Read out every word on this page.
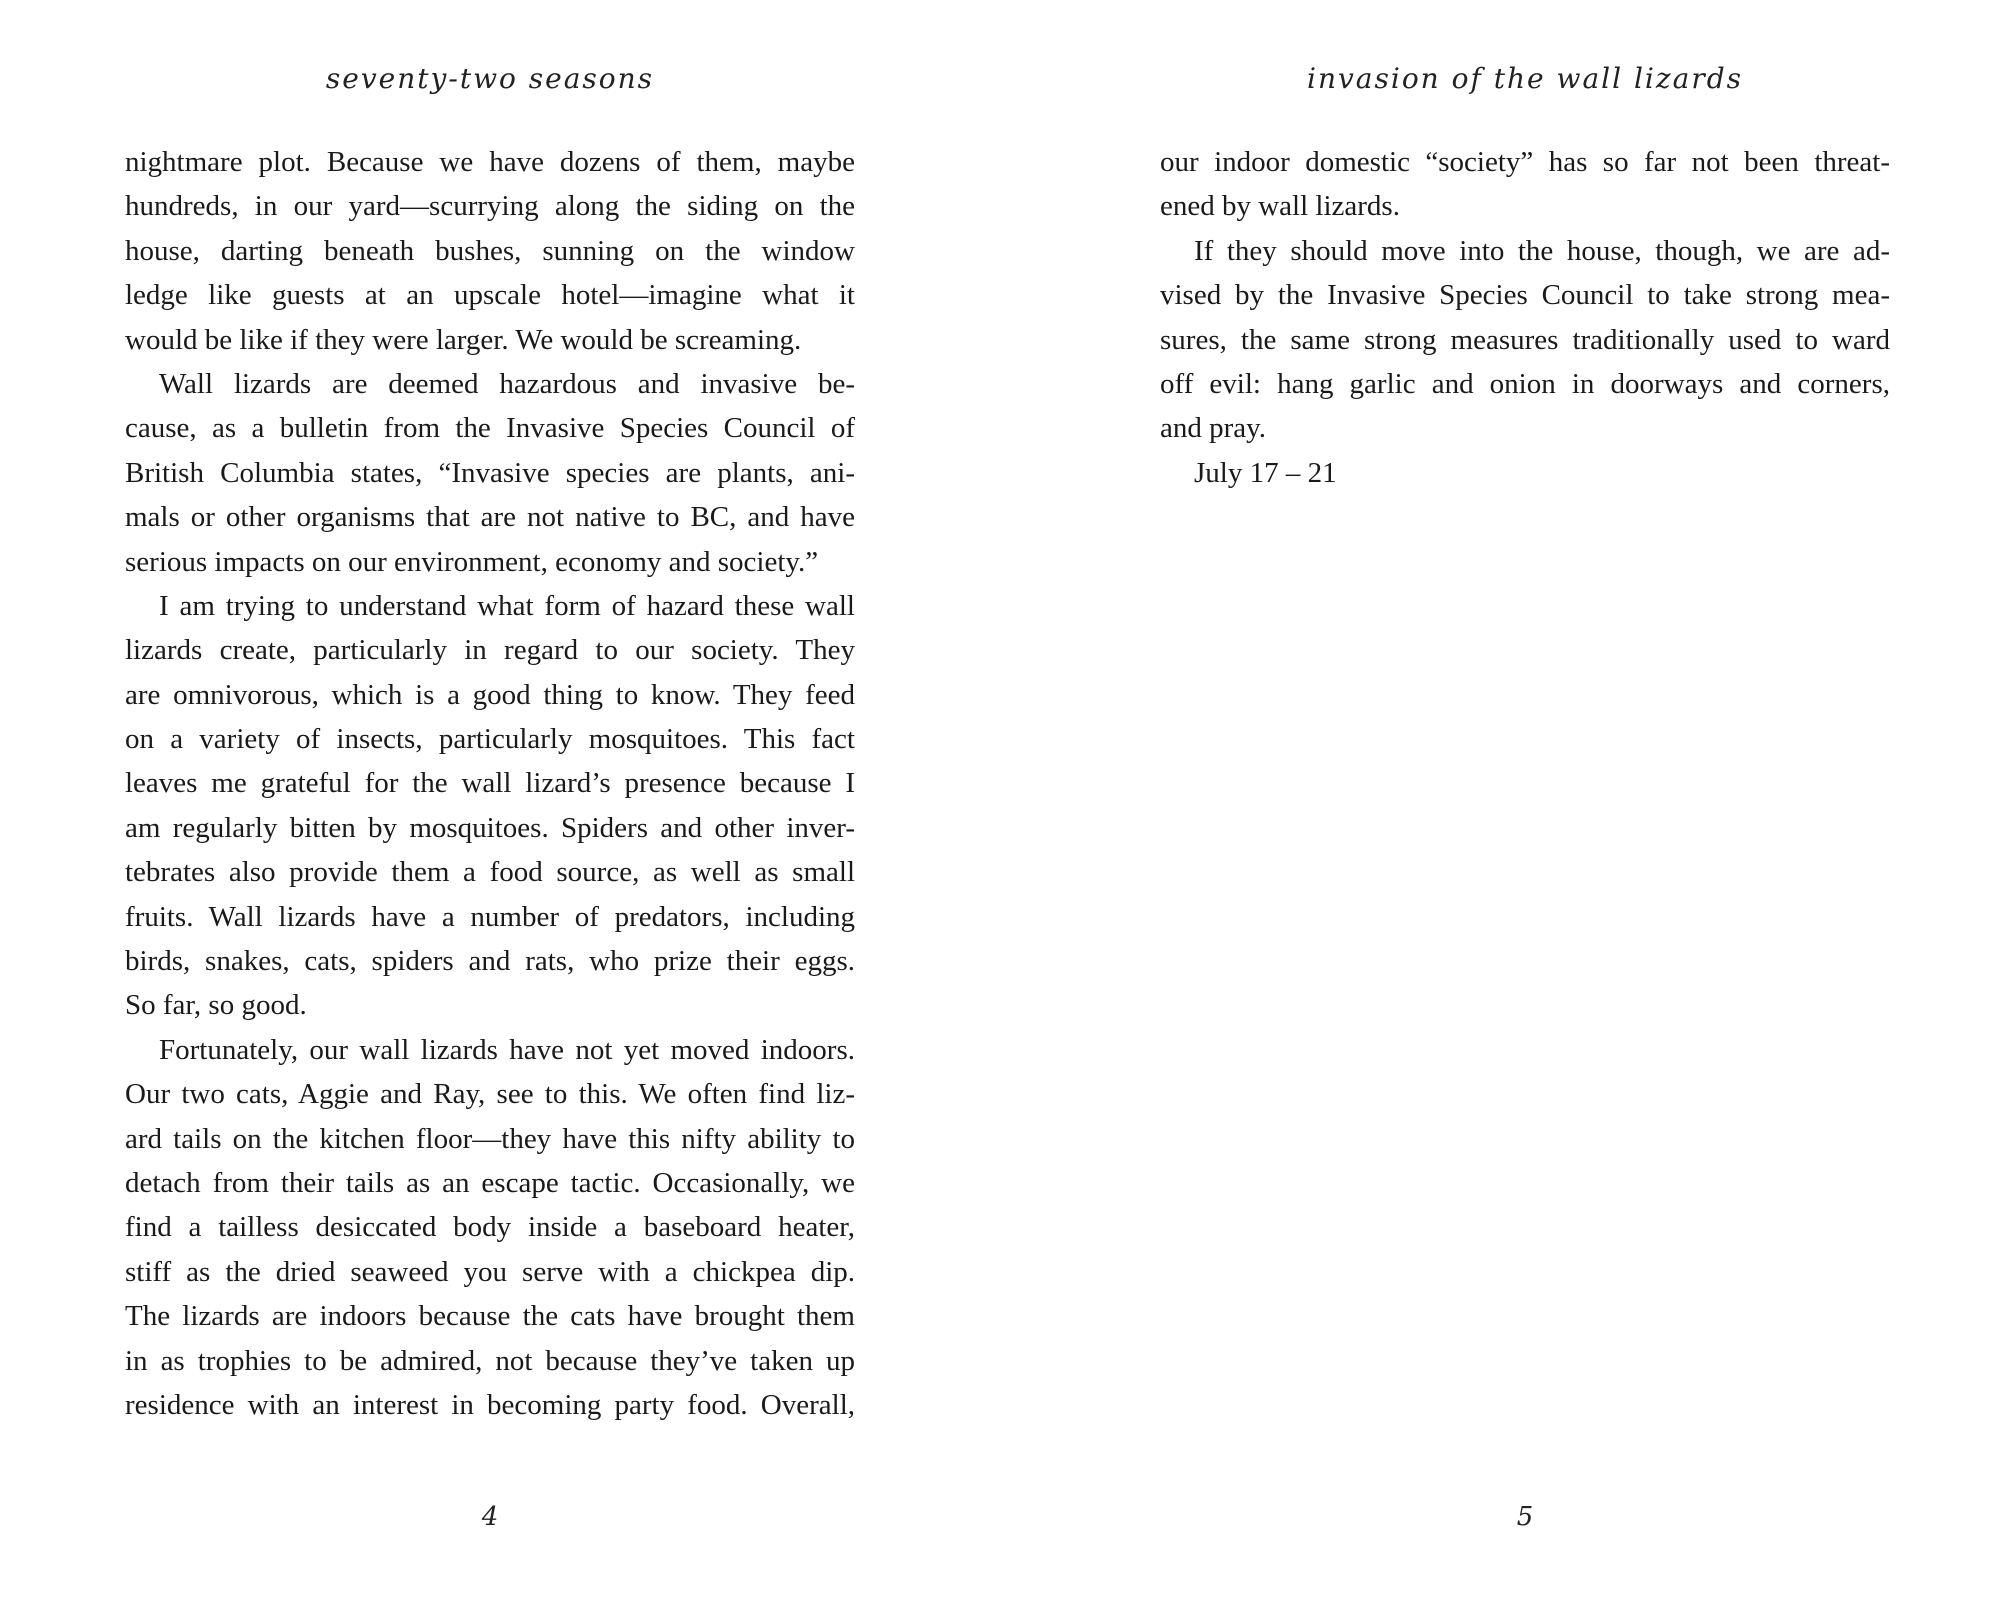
seventy-two seasons
nightmare plot. Because we have dozens of them, maybe
hundreds, in our yard—scurrying along the siding on the
house, darting beneath bushes, sunning on the window
ledge like guests at an upscale hotel—imagine what it
would be like if they were larger. We would be screaming.
Wall lizards are deemed hazardous and invasive be-
cause, as a bulletin from the Invasive Species Council of
British Columbia states, “Invasive species are plants, ani-
mals or other organisms that are not native to BC, and have
serious impacts on our environment, economy and society.”
I am trying to understand what form of hazard these wall
lizards create, particularly in regard to our society. They
are omnivorous, which is a good thing to know. They feed
on a variety of insects, particularly mosquitoes. This fact
leaves me grateful for the wall lizard’s presence because I
am regularly bitten by mosquitoes. Spiders and other inver-
tebrates also provide them a food source, as well as small
fruits. Wall lizards have a number of predators, including
birds, snakes, cats, spiders and rats, who prize their eggs.
So far, so good.
Fortunately, our wall lizards have not yet moved indoors.
Our two cats, Aggie and Ray, see to this. We often find liz-
ard tails on the kitchen floor—they have this nifty ability to
detach from their tails as an escape tactic. Occasionally, we
find a tailless desiccated body inside a baseboard heater,
stiff as the dried seaweed you serve with a chickpea dip.
The lizards are indoors because the cats have brought them
in as trophies to be admired, not because they’ve taken up
residence with an interest in becoming party food. Overall,
4
invasion of the wall lizards
our indoor domestic “society” has so far not been threat-
ened by wall lizards.
If they should move into the house, though, we are ad-
vised by the Invasive Species Council to take strong mea-
sures, the same strong measures traditionally used to ward
off evil: hang garlic and onion in doorways and corners,
and pray.
July 17 – 21
5
